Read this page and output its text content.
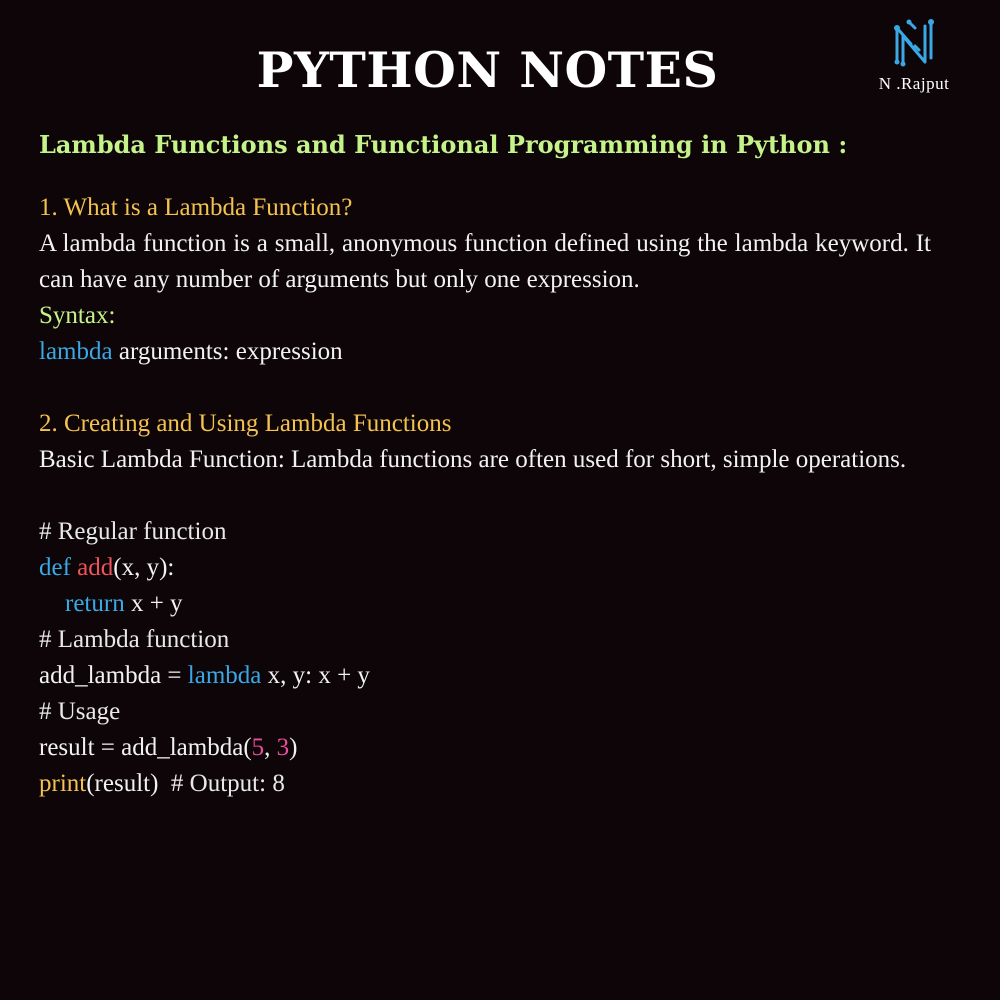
PYTHON NOTES	N .Rajput
Lambda Functions and Functional Programming in Python :
1. What is a Lambda Function?
A lambda function is a small, anonymous function defined using the lambda keyword. It can have any number of arguments but only one expression.
Syntax:
lambda arguments: expression
2. Creating and Using Lambda Functions
Basic Lambda Function: Lambda functions are often used for short, simple operations.
# Regular function
def add(x, y):
return x + y
# Lambda function
add_lambda = lambda x, y: x + y
# Usage
result = add_lambda(5, 3)
print(result)  # Output: 8
